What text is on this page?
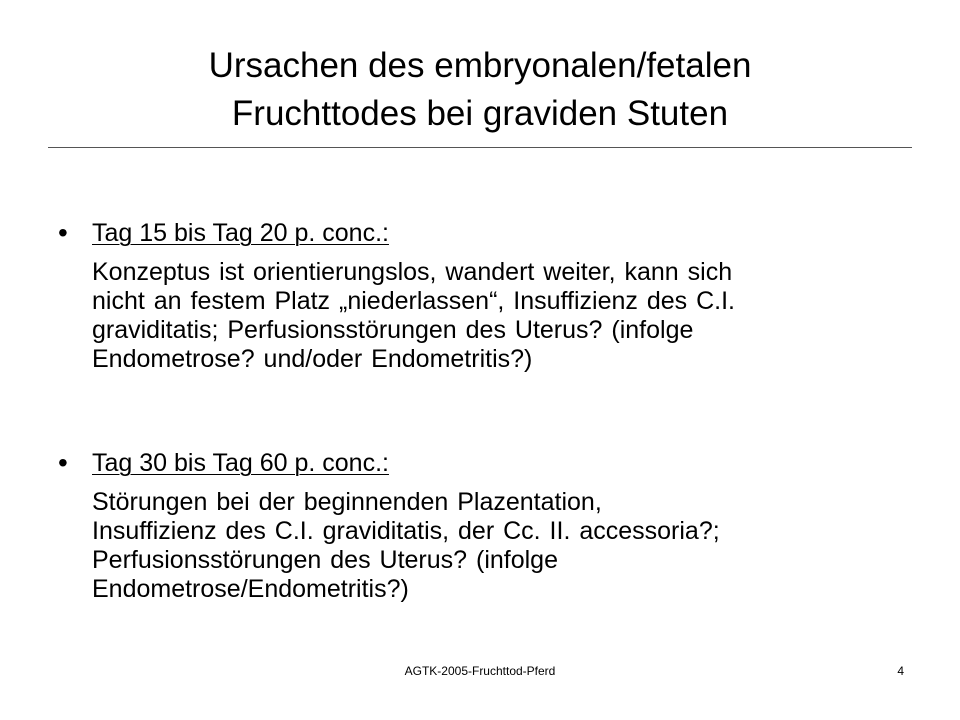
Ursachen des embryonalen/fetalen
Fruchttodes bei graviden Stuten
• Tag 15 bis Tag 20 p. conc.:
Konzeptus ist orientierungslos, wandert weiter, kann sich
nicht an festem Platz „niederlassen“, Insuffizienz des C.I.
graviditatis; Perfusionsstörungen des Uterus? (infolge
Endometrose? und/oder Endometritis?)
• Tag 30 bis Tag 60 p. conc.:
Störungen bei der beginnenden Plazentation,
Insuffizienz des C.I. graviditatis, der Cc. II. accessoria?;
Perfusionsstörungen des Uterus? (infolge
Endometrose/Endometritis?)
AGTK-2005-Fruchttod-Pferd	4
